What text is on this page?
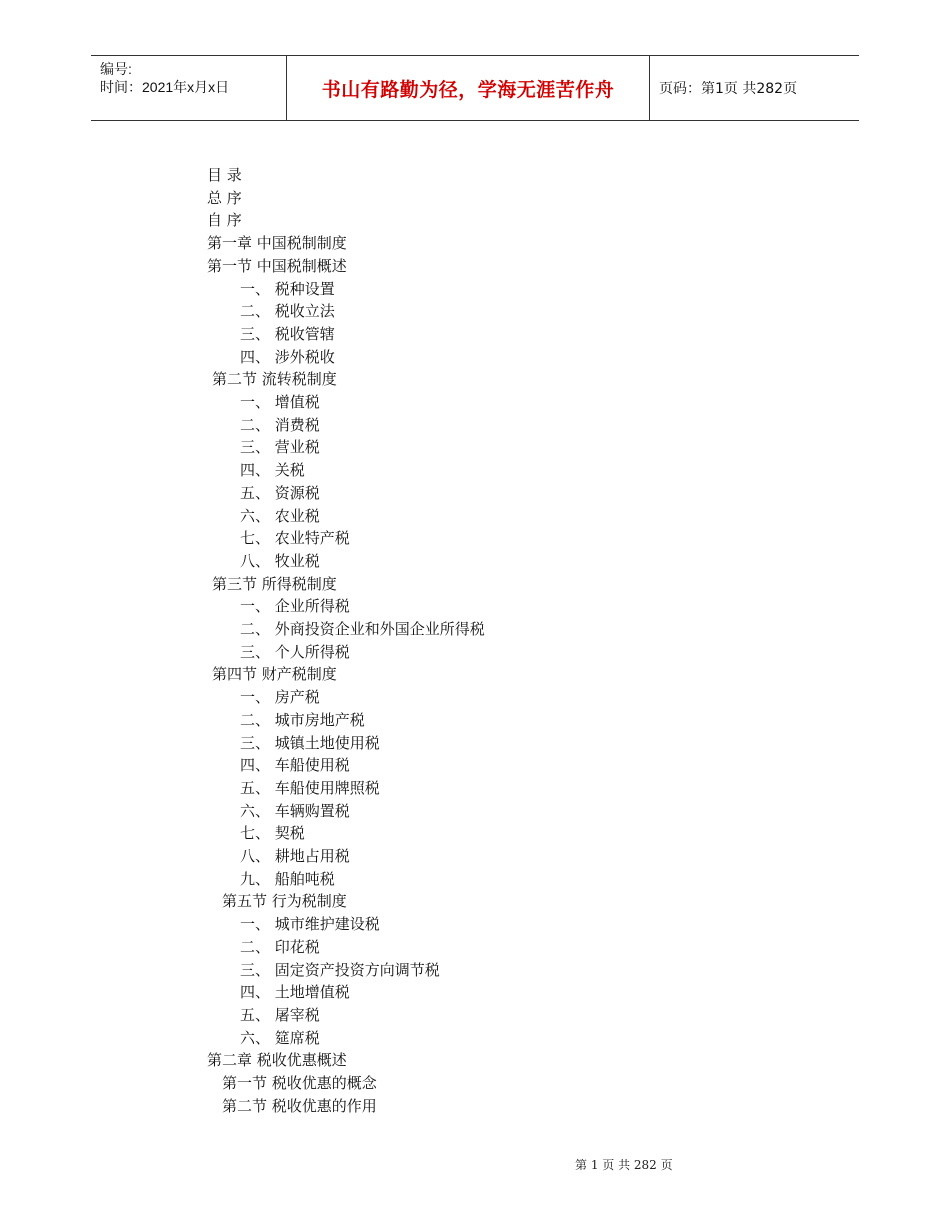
编号:
时间：2021年x月x日	书山有路勤为径，学海无涯苦作舟	页码：第1页 共282页
目 录
总 序
自 序
第一章 中国税制制度
第一节 中国税制概述
一、 税种设置
二、 税收立法
三、 税收管辖
四、 涉外税收
第二节 流转税制度
一、 增值税
二、 消费税
三、 营业税
四、 关税
五、 资源税
六、 农业税
七、 农业特产税
八、 牧业税
第三节 所得税制度
一、 企业所得税
二、 外商投资企业和外国企业所得税
三、 个人所得税
第四节 财产税制度
一、 房产税
二、 城市房地产税
三、 城镇土地使用税
四、 车船使用税
五、 车船使用牌照税
六、 车辆购置税
七、 契税
八、 耕地占用税
九、 船舶吨税
第五节 行为税制度
一、 城市维护建设税
二、 印花税
三、 固定资产投资方向调节税
四、 土地增值税
五、 屠宰税
六、 筵席税
第二章 税收优惠概述
第一节 税收优惠的概念
第二节 税收优惠的作用
第 1 页 共 282 页
